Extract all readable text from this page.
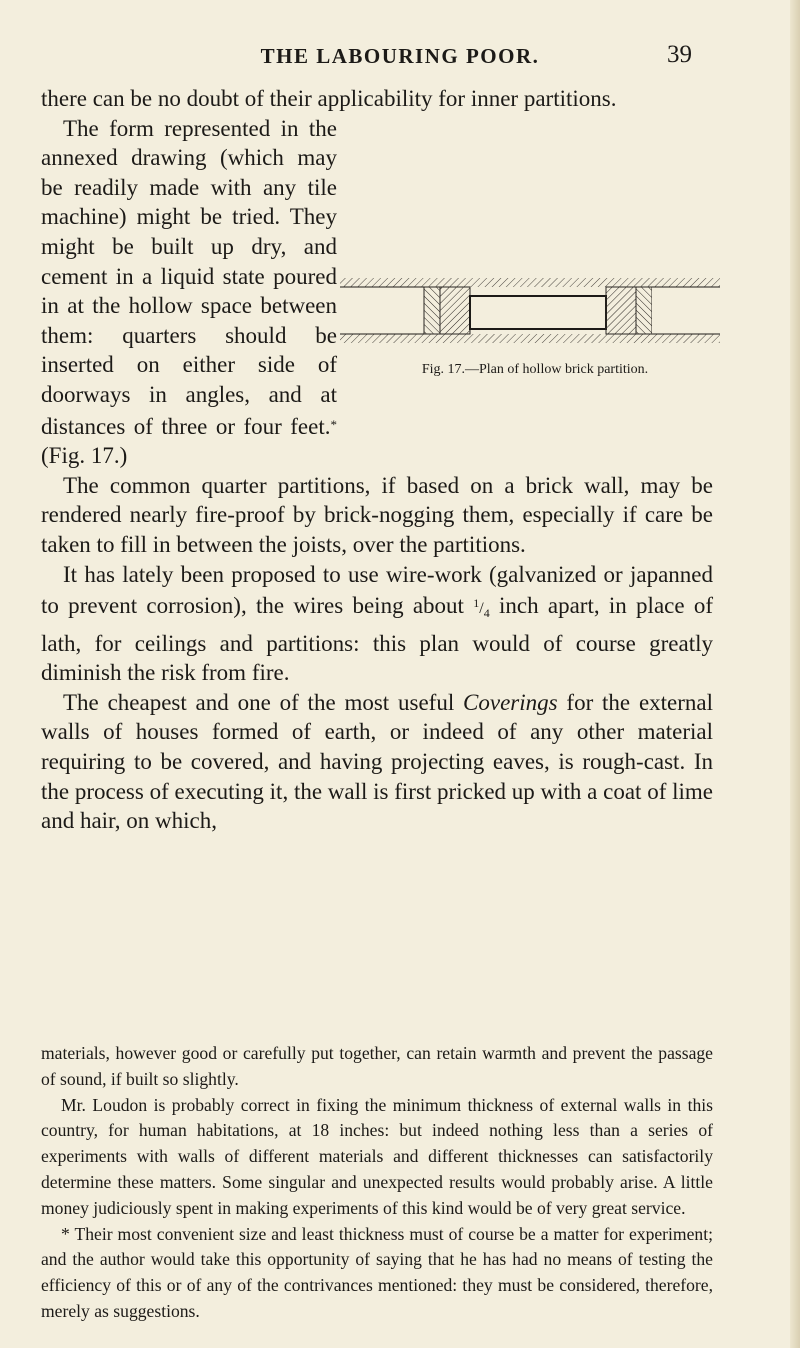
THE LABOURING POOR.	39

there can be no doubt of their applicability for inner partitions.

The form represented in the annexed drawing (which may be readily made with any tile machine) might be tried. They might be built up dry, and cement in a liquid state poured in at the hollow space between them: quarters should be inserted on either side of doorways in angles, and at distances of three or four feet.* (Fig. 17.)

The common quarter partitions, if based on a brick wall, may be rendered nearly fire-proof by brick-nogging them, especially if care be taken to fill in between the joists, over the partitions.

It has lately been proposed to use wire-work (galvanized or japanned to prevent corrosion), the wires being about $^1/_4$ inch apart, in place of lath, for ceilings and partitions: this plan would of course greatly diminish the risk from fire.

The cheapest and one of the most useful Coverings for the external walls of houses formed of earth, or indeed of any other material requiring to be covered, and having projecting eaves, is rough-cast. In the process of executing it, the wall is first pricked up with a coat of lime and hair, on which,

Fig. 17.—Plan of hollow brick partition.

materials, however good or carefully put together, can retain warmth and prevent the passage of sound, if built so slightly.

Mr. Loudon is probably correct in fixing the minimum thickness of external walls in this country, for human habitations, at 18 inches: but indeed nothing less than a series of experiments with walls of different materials and different thicknesses can satisfactorily determine these matters. Some singular and unexpected results would probably arise. A little money judiciously spent in making experiments of this kind would be of very great service.

* Their most convenient size and least thickness must of course be a matter for experiment; and the author would take this opportunity of saying that he has had no means of testing the efficiency of this or of any of the contrivances mentioned: they must be considered, therefore, merely as suggestions.
